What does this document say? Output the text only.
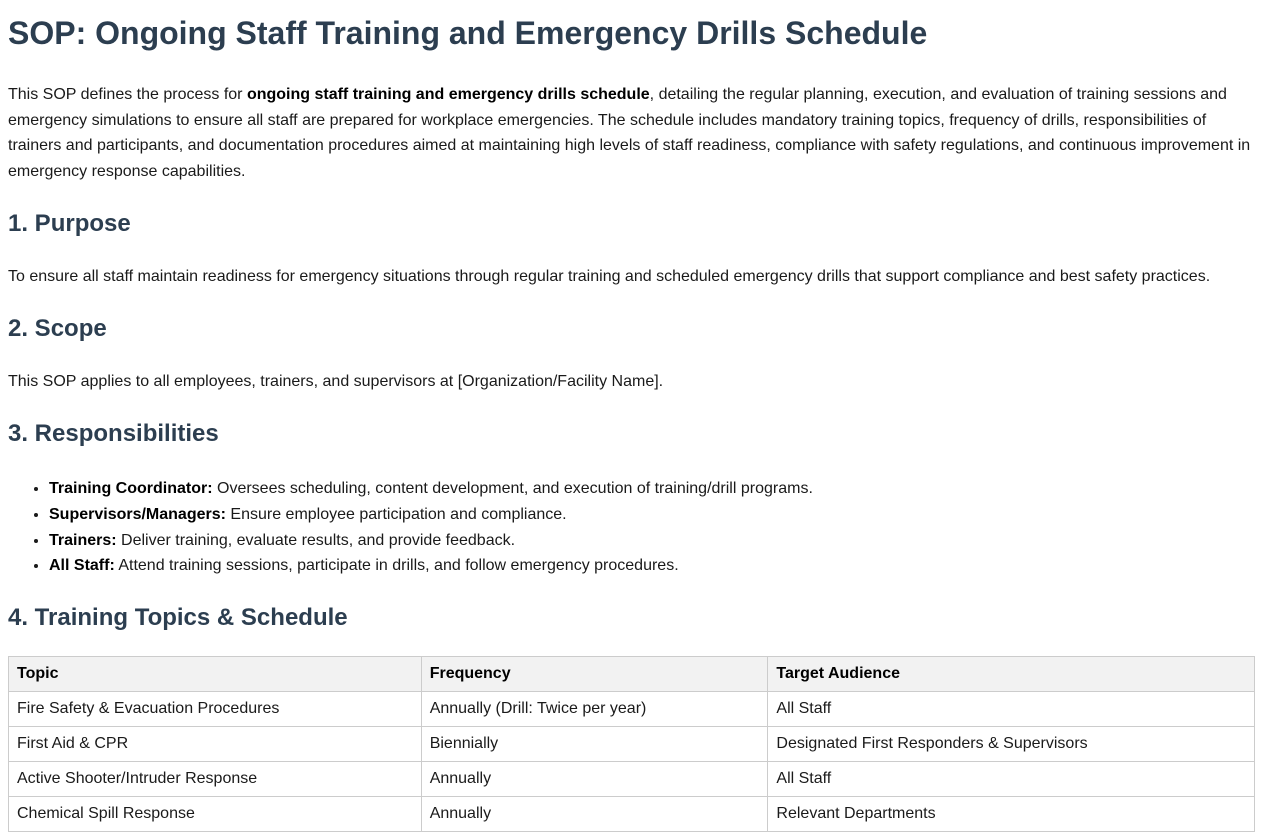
SOP: Ongoing Staff Training and Emergency Drills Schedule

This SOP defines the process for ongoing staff training and emergency drills schedule, detailing the regular planning, execution, and evaluation of training sessions and emergency simulations to ensure all staff are prepared for workplace emergencies. The schedule includes mandatory training topics, frequency of drills, responsibilities of trainers and participants, and documentation procedures aimed at maintaining high levels of staff readiness, compliance with safety regulations, and continuous improvement in emergency response capabilities.

1. Purpose

To ensure all staff maintain readiness for emergency situations through regular training and scheduled emergency drills that support compliance and best safety practices.

2. Scope

This SOP applies to all employees, trainers, and supervisors at [Organization/Facility Name].

3. Responsibilities
• Training Coordinator: Oversees scheduling, content development, and execution of training/drill programs.
• Supervisors/Managers: Ensure employee participation and compliance.
• Trainers: Deliver training, evaluate results, and provide feedback.
• All Staff: Attend training sessions, participate in drills, and follow emergency procedures.
4. Training Topics & Schedule
Topic	Frequency	Target Audience
Fire Safety & Evacuation Procedures	Annually (Drill: Twice per year)	All Staff
First Aid & CPR	Biennially	Designated First Responders & Supervisors
Active Shooter/Intruder Response	Annually	All Staff
Chemical Spill Response	Annually	Relevant Departments
